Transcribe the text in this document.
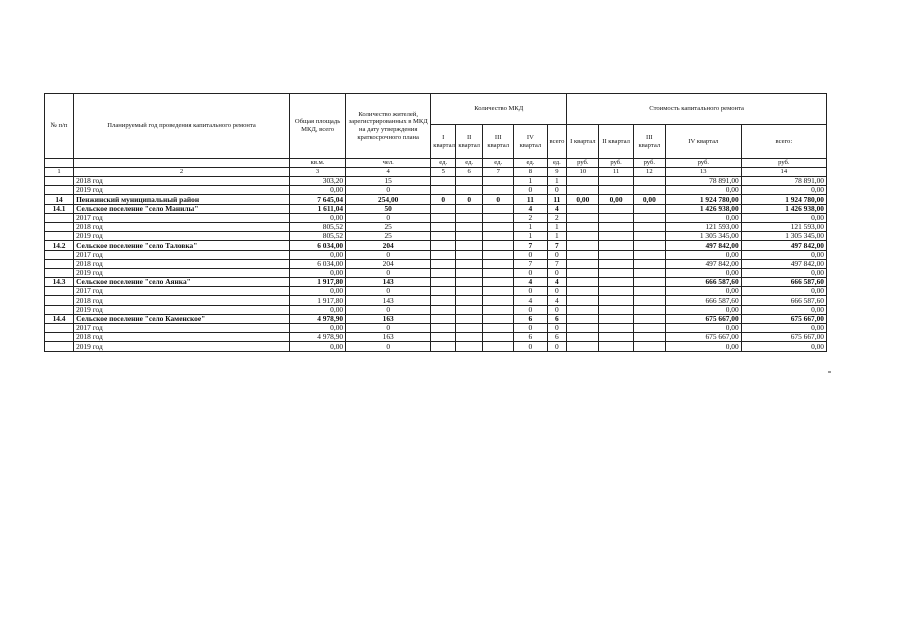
№ п/п	Планируемый год проведения капитального ремонта	Общая площадь МКД, всего	Количество жителей, зарегистрированных в МКД на дату утверждения краткосрочного плана	Количество МКД					Стоимость капитального ремонта				
				I квартал	II квартал	III квартал	IV квартал	всего	I квартал	II квартал	III квартал	IV квартал	всего:
		кв.м.	чел.	ед.	ед.	ед.	ед.	ед.	руб.	руб.	руб.	руб.	руб.
1	2	3	4	5	6	7	8	9	10	11	12	13	14
	2018 год	303,20	15				1	1				78 891,00	78 891,00
	2019 год	0,00	0				0	0				0,00	0,00
14	Пенжинский муниципальный район	7 645,04	254,00	0	0	0	11	11	0,00	0,00	0,00	1 924 780,00	1 924 780,00
14.1	Сельское поселение "село Манилы"	1 611,04	50				4	4				1 426 938,00	1 426 938,00
	2017 год	0,00	0				2	2				0,00	0,00
	2018 год	805,52	25				1	1				121 593,00	121 593,00
	2019 год	805,52	25				1	1				1 305 345,00	1 305 345,00
14.2	Сельское поселение "село Таловка"	6 034,00	204				7	7				497 842,00	497 842,00
	2017 год	0,00	0				0	0				0,00	0,00
	2018 год	6 034,00	204				7	7				497 842,00	497 842,00
	2019 год	0,00	0				0	0				0,00	0,00
14.3	Сельское поселение "село Аянка"	1 917,80	143				4	4				666 587,60	666 587,60
	2017 год	0,00	0				0	0				0,00	0,00
	2018 год	1 917,80	143				4	4				666 587,60	666 587,60
	2019 год	0,00	0				0	0				0,00	0,00
14.4	Сельское поселение "село Каменское"	4 978,90	163				6	6				675 667,00	675 667,00
	2017 год	0,00	0				0	0				0,00	0,00
	2018 год	4 978,90	163				6	6				675 667,00	675 667,00
	2019 год	0,00	0				0	0				0,00	0,00
